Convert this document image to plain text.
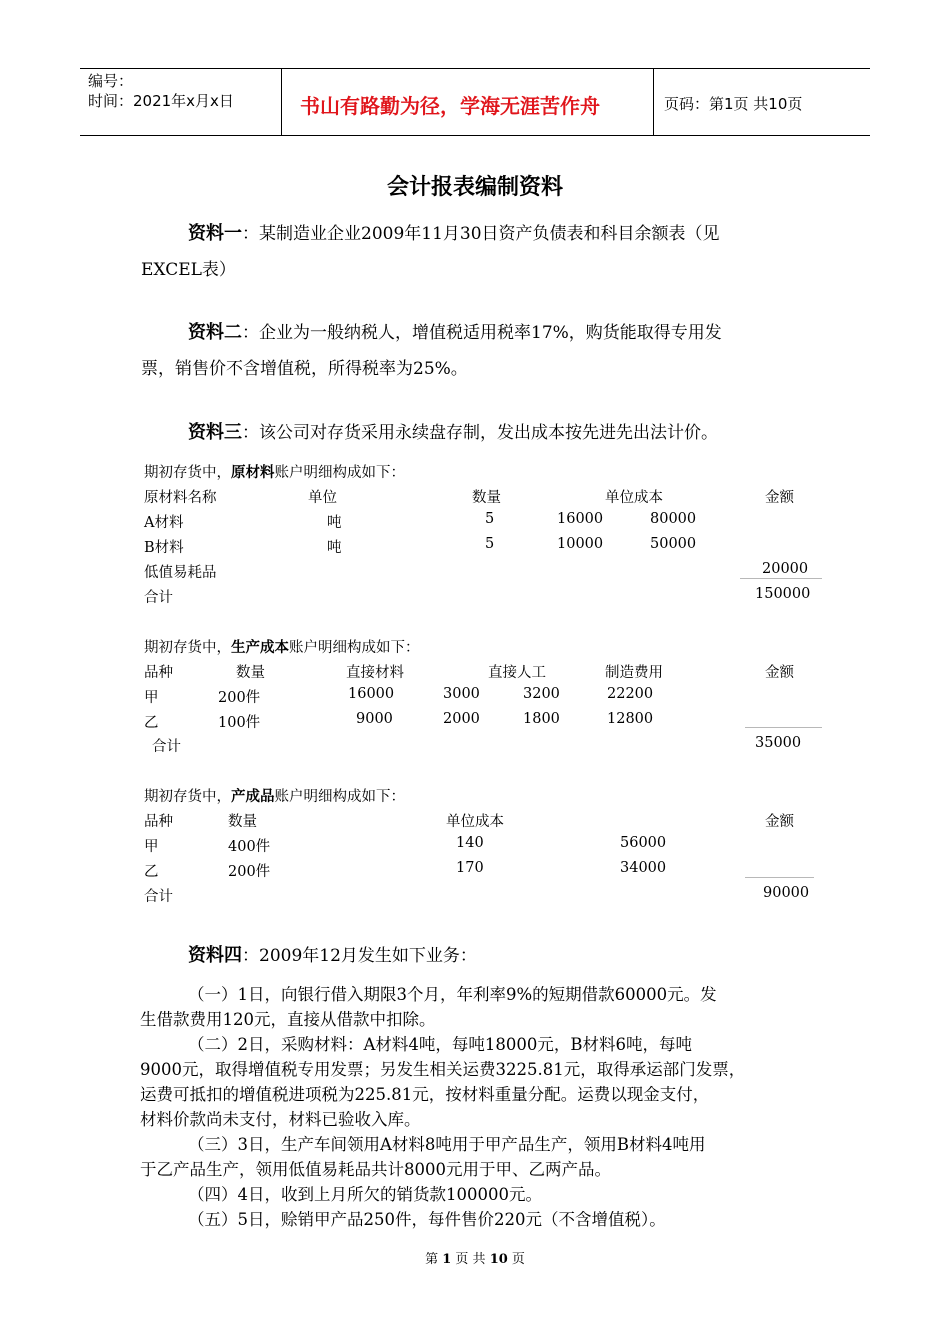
编号：
时间：2021年x月x日	书山有路勤为径，学海无涯苦作舟	页码：第1页 共10页
会计报表编制资料
资料一：某制造业企业2009年11月30日资产负债表和科目余额表（见
EXCEL表）
资料二：企业为一般纳税人，增值税适用税率17%，购货能取得专用发
票，销售价不含增值税，所得税率为25%。
资料三：该公司对存货采用永续盘存制，发出成本按先进先出法计价。
期初存货中，原材料账户明细构成如下：
原材料名称	单位	数量	单位成本	金额
A材料	吨	5	16000	80000
B材料	吨	5	10000	50000
低值易耗品	20000
合计	150000
期初存货中，生产成本账户明细构成如下：
品种	数量	直接材料	直接人工	制造费用	金额
甲	200件	16000	3000	3200	22200
乙	100件	9000	2000	1800	12800
合计	35000
期初存货中，产成品账户明细构成如下：
品种	数量	单位成本	金额
甲	400件	140	56000
乙	200件	170	34000
合计	90000
资料四：2009年12月发生如下业务：
（一）1日，向银行借入期限3个月，年利率9%的短期借款60000元。发
生借款费用120元，直接从借款中扣除。
（二）2日，采购材料：A材料4吨，每吨18000元，B材料6吨，每吨
9000元，取得增值税专用发票；另发生相关运费3225.81元，取得承运部门发票，
运费可抵扣的增值税进项税为225.81元，按材料重量分配。运费以现金支付，
材料价款尚未支付，材料已验收入库。
（三）3日，生产车间领用A材料8吨用于甲产品生产，领用B材料4吨用
于乙产品生产，领用低值易耗品共计8000元用于甲、乙两产品。
（四）4日，收到上月所欠的销货款100000元。
（五）5日，赊销甲产品250件，每件售价220元（不含增值税）。
第 1 页 共 10 页
